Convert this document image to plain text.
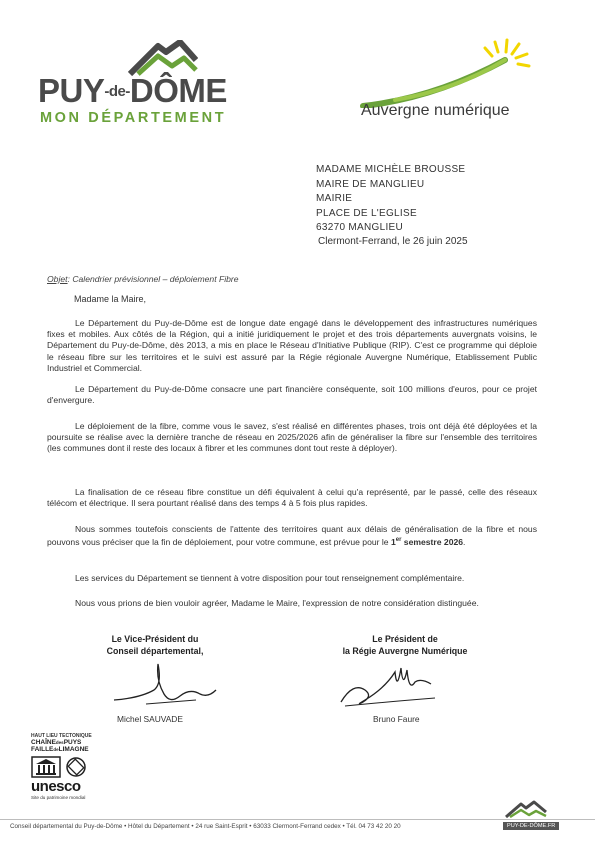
PUY-de-DÔME
MON DÉPARTEMENT	Auvergne numérique
MADAME MICHÈLE BROUSSE
MAIRE DE MANGLIEU
MAIRIE
PLACE DE L'EGLISE
63270 MANGLIEU
Clermont-Ferrand, le 26 juin 2025
Objet: Calendrier prévisionnel – déploiement Fibre
Madame la Maire,
Le Département du Puy-de-Dôme est de longue date engagé dans le développement des infrastructures numériques fixes et mobiles. Aux côtés de la Région, qui a initié juridiquement le projet et des trois départements auvergnats voisins, le Département du Puy-de-Dôme, dès 2013, a mis en place le Réseau d'Initiative Publique (RIP). C'est ce programme qui déploie le réseau fibre sur les territoires et le suivi est assuré par la Régie régionale Auvergne Numérique, Etablissement Public Industriel et Commercial.
Le Département du Puy-de-Dôme consacre une part financière conséquente, soit 100 millions d'euros, pour ce projet d'envergure.
Le déploiement de la fibre, comme vous le savez, s'est réalisé en différentes phases, trois ont déjà été déployées et la poursuite se réalise avec la dernière tranche de réseau en 2025/2026 afin de généraliser la fibre sur l'ensemble des territoires (les communes dont il reste des locaux à fibrer et les communes dont tout reste à déployer).
La finalisation de ce réseau fibre constitue un défi équivalent à celui qu'a représenté, par le passé, celle des réseaux télécom et électrique. Il sera pourtant réalisé dans des temps 4 à 5 fois plus rapides.
Nous sommes toutefois conscients de l'attente des territoires quant aux délais de généralisation de la fibre et nous pouvons vous préciser que la fin de déploiement, pour votre commune, est prévue pour le 1er semestre 2026.
Les services du Département se tiennent à votre disposition pour tout renseignement complémentaire.
Nous vous prions de bien vouloir agréer, Madame le Maire, l'expression de notre considération distinguée.
Le Vice-Président du
Conseil départemental,
Michel SAUVADE
Le Président de
la Régie Auvergne Numérique
Bruno Faure
HAUT LIEU TECTONIQUE
CHAÎNEdesPUYS
FAILLEdeLIMAGNE
unesco
Site du patrimoine mondial
Conseil départemental du Puy-de-Dôme • Hôtel du Département • 24 rue Saint-Esprit • 63033 Clermont-Ferrand cedex • Tél. 04 73 42 20 20	PUY-DE-DÔME.FR
